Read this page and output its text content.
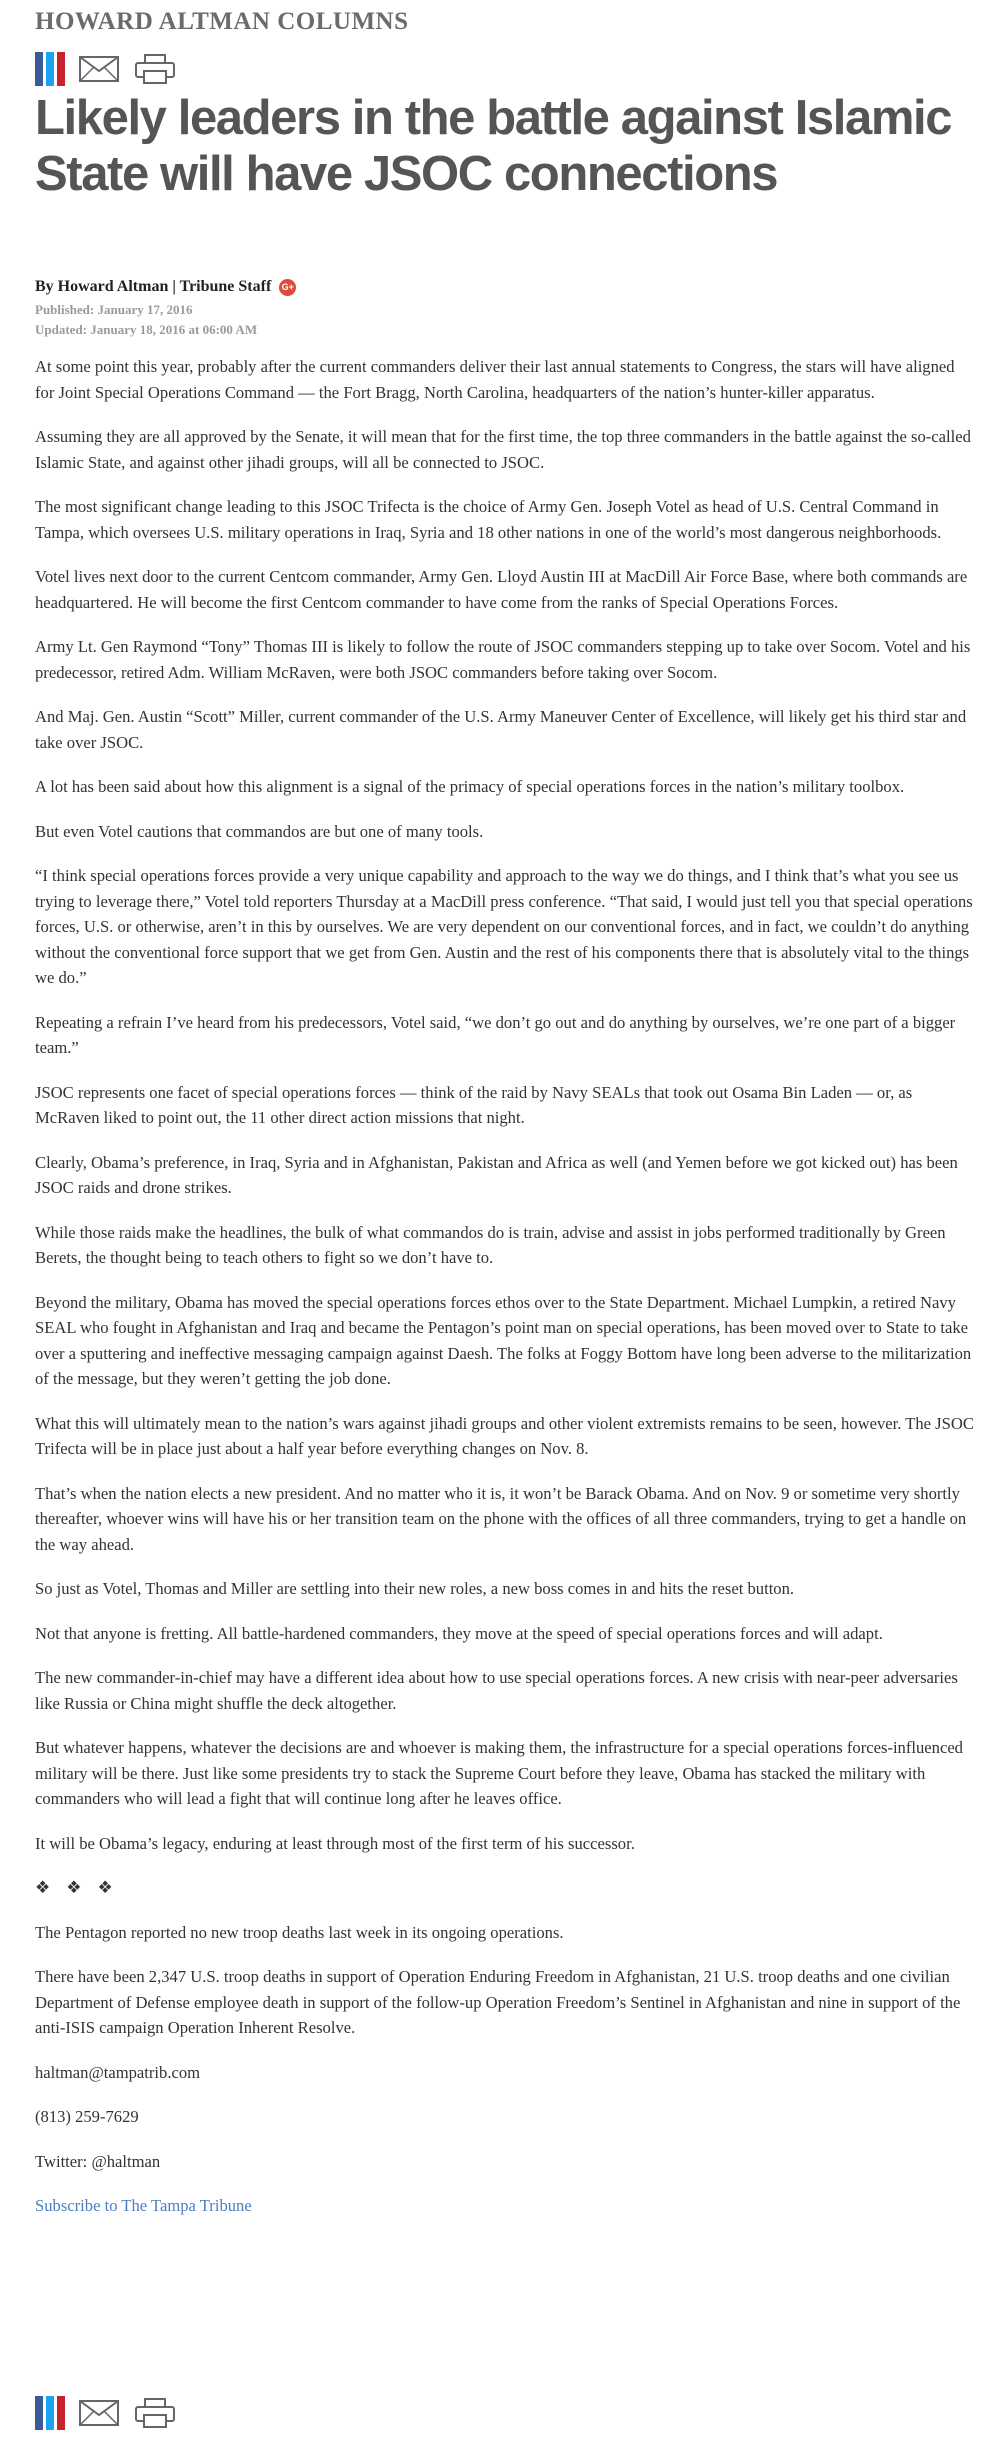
HOWARD ALTMAN COLUMNS
Likely leaders in the battle against Islamic State will have JSOC connections
By Howard Altman | Tribune Staff G+
Published: January 17, 2016
Updated: January 18, 2016 at 06:00 AM

At some point this year, probably after the current commanders deliver their last annual statements to Congress, the stars will have aligned for Joint Special Operations Command — the Fort Bragg, North Carolina, headquarters of the nation’s hunter-killer apparatus.

Assuming they are all approved by the Senate, it will mean that for the first time, the top three commanders in the battle against the so-called Islamic State, and against other jihadi groups, will all be connected to JSOC.

The most significant change leading to this JSOC Trifecta is the choice of Army Gen. Joseph Votel as head of U.S. Central Command in Tampa, which oversees U.S. military operations in Iraq, Syria and 18 other nations in one of the world’s most dangerous neighborhoods.

Votel lives next door to the current Centcom commander, Army Gen. Lloyd Austin III at MacDill Air Force Base, where both commands are headquartered. He will become the first Centcom commander to have come from the ranks of Special Operations Forces.

Army Lt. Gen Raymond “Tony” Thomas III is likely to follow the route of JSOC commanders stepping up to take over Socom. Votel and his predecessor, retired Adm. William McRaven, were both JSOC commanders before taking over Socom.

And Maj. Gen. Austin “Scott” Miller, current commander of the U.S. Army Maneuver Center of Excellence, will likely get his third star and take over JSOC.

A lot has been said about how this alignment is a signal of the primacy of special operations forces in the nation’s military toolbox.

But even Votel cautions that commandos are but one of many tools.

“I think special operations forces provide a very unique capability and approach to the way we do things, and I think that’s what you see us trying to leverage there,” Votel told reporters Thursday at a MacDill press conference. “That said, I would just tell you that special operations forces, U.S. or otherwise, aren’t in this by ourselves. We are very dependent on our conventional forces, and in fact, we couldn’t do anything without the conventional force support that we get from Gen. Austin and the rest of his components there that is absolutely vital to the things we do.”

Repeating a refrain I’ve heard from his predecessors, Votel said, “we don’t go out and do anything by ourselves, we’re one part of a bigger team.”

JSOC represents one facet of special operations forces — think of the raid by Navy SEALs that took out Osama Bin Laden — or, as McRaven liked to point out, the 11 other direct action missions that night.

Clearly, Obama’s preference, in Iraq, Syria and in Afghanistan, Pakistan and Africa as well (and Yemen before we got kicked out) has been JSOC raids and drone strikes.

While those raids make the headlines, the bulk of what commandos do is train, advise and assist in jobs performed traditionally by Green Berets, the thought being to teach others to fight so we don’t have to.

Beyond the military, Obama has moved the special operations forces ethos over to the State Department. Michael Lumpkin, a retired Navy SEAL who fought in Afghanistan and Iraq and became the Pentagon’s point man on special operations, has been moved over to State to take over a sputtering and ineffective messaging campaign against Daesh. The folks at Foggy Bottom have long been adverse to the militarization of the message, but they weren’t getting the job done.

What this will ultimately mean to the nation’s wars against jihadi groups and other violent extremists remains to be seen, however. The JSOC Trifecta will be in place just about a half year before everything changes on Nov. 8.

That’s when the nation elects a new president. And no matter who it is, it won’t be Barack Obama. And on Nov. 9 or sometime very shortly thereafter, whoever wins will have his or her transition team on the phone with the offices of all three commanders, trying to get a handle on the way ahead.

So just as Votel, Thomas and Miller are settling into their new roles, a new boss comes in and hits the reset button.

Not that anyone is fretting. All battle-hardened commanders, they move at the speed of special operations forces and will adapt.

The new commander-in-chief may have a different idea about how to use special operations forces. A new crisis with near-peer adversaries like Russia or China might shuffle the deck altogether.

But whatever happens, whatever the decisions are and whoever is making them, the infrastructure for a special operations forces-influenced military will be there. Just like some presidents try to stack the Supreme Court before they leave, Obama has stacked the military with commanders who will lead a fight that will continue long after he leaves office.

It will be Obama’s legacy, enduring at least through most of the first term of his successor.

❖ ❖ ❖

The Pentagon reported no new troop deaths last week in its ongoing operations.

There have been 2,347 U.S. troop deaths in support of Operation Enduring Freedom in Afghanistan, 21 U.S. troop deaths and one civilian Department of Defense employee death in support of the follow-up Operation Freedom’s Sentinel in Afghanistan and nine in support of the anti-ISIS campaign Operation Inherent Resolve.

haltman@tampatrib.com

(813) 259-7629

Twitter: @haltman

Subscribe to The Tampa Tribune
